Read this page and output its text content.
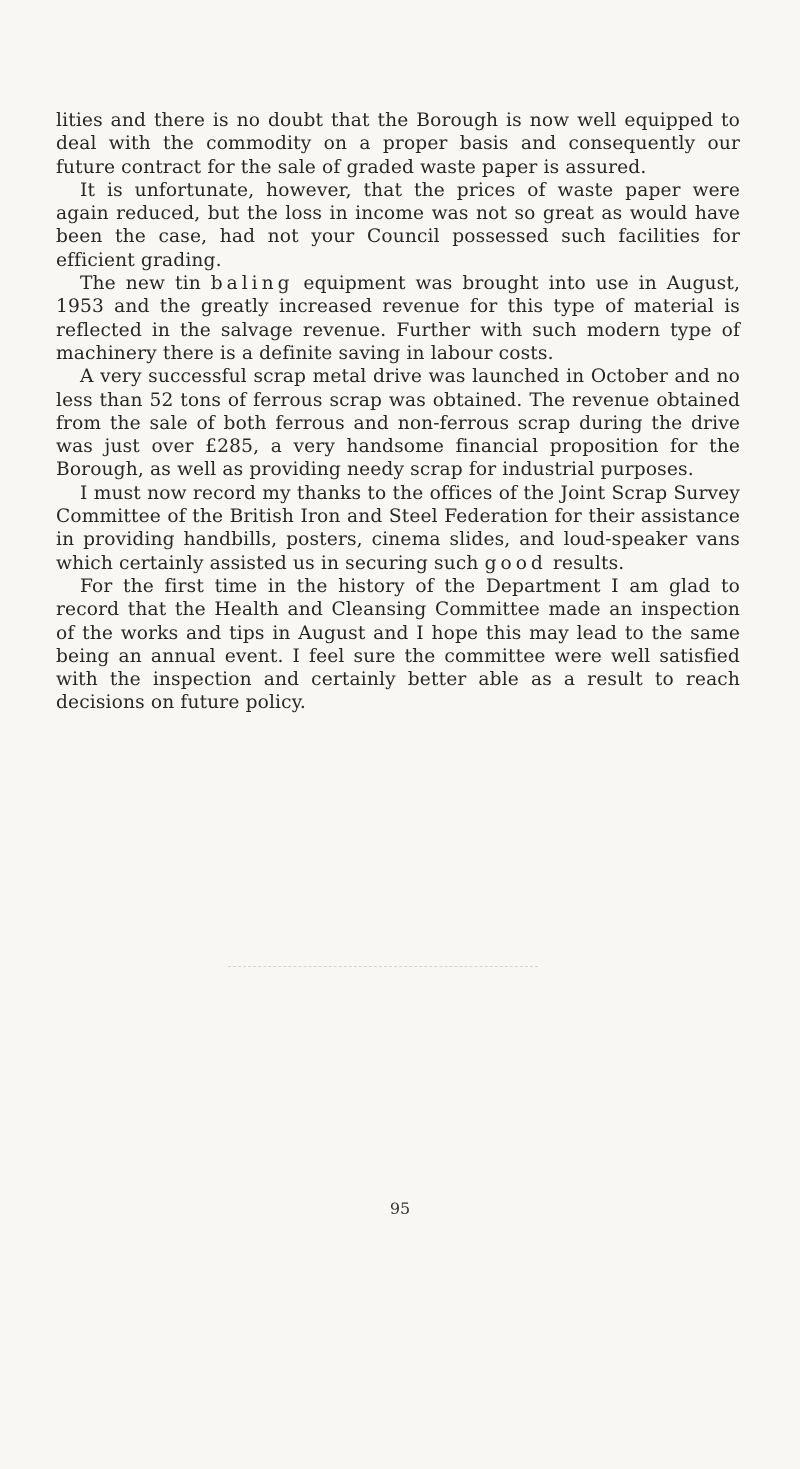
lities and there is no doubt that the Borough is now well equipped to deal with the commodity on a proper basis and consequently our future contract for the sale of graded waste paper is assured.

It is unfortunate, however, that the prices of waste paper were again reduced, but the loss in income was not so great as would have been the case, had not your Council possessed such facilities for efficient grading.

The new tin baling equipment was brought into use in August, 1953 and the greatly increased revenue for this type of material is reflected in the salvage revenue. Further with such modern type of machinery there is a definite saving in labour costs.

A very successful scrap metal drive was launched in October and no less than 52 tons of ferrous scrap was obtained. The revenue obtained from the sale of both ferrous and non-ferrous scrap during the drive was just over £285, a very handsome financial proposition for the Borough, as well as providing needy scrap for industrial purposes.

I must now record my thanks to the offices of the Joint Scrap Survey Committee of the British Iron and Steel Federation for their assistance in providing handbills, posters, cinema slides, and loud-speaker vans which certainly assisted us in securing such good results.

For the first time in the history of the Department I am glad to record that the Health and Cleansing Committee made an inspection of the works and tips in August and I hope this may lead to the same being an annual event. I feel sure the committee were well satisfied with the inspection and certainly better able as a result to reach decisions on future policy.

95
